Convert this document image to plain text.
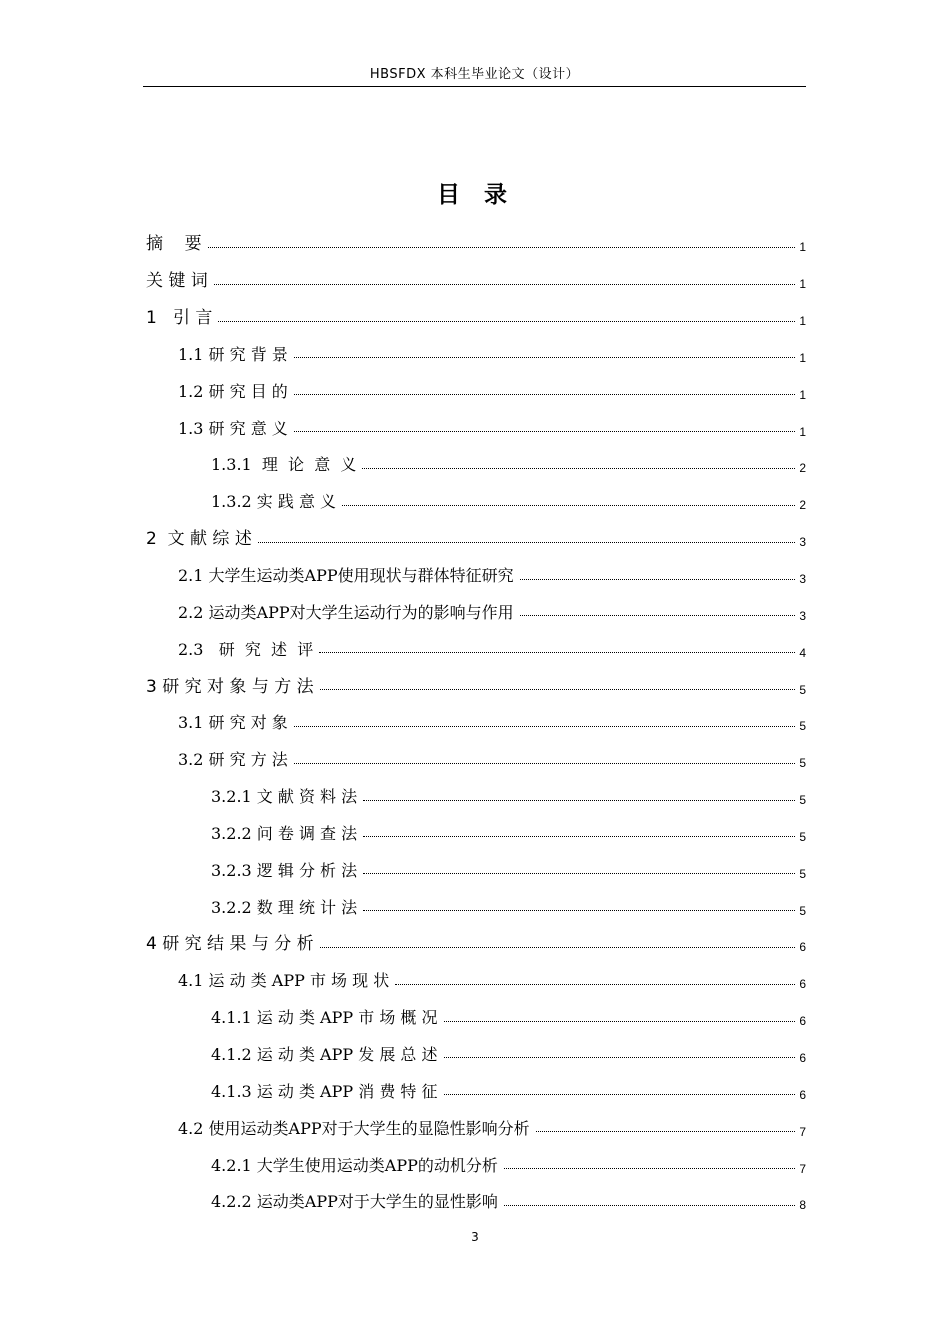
HBSFDX 本科生毕业论文（设计）
目 录
摘    要	1
关 键 词	1
1   引 言	1
1.1 研 究 背 景	1
1.2 研 究 目 的	1
1.3 研 究 意 义	1
1.3.1  理  论  意  义	2
1.3.2 实 践 意 义	2
2  文 献 综 述	3
2.1 大学生运动类APP使用现状与群体特征研究	3
2.2 运动类APP对大学生运动行为的影响与作用	3
2.3   研  究  述  评	4
3 研 究 对 象 与 方 法	5
3.1 研 究 对 象	5
3.2 研 究 方 法	5
3.2.1 文 献 资 料 法	5
3.2.2 问 卷 调 查 法	5
3.2.3 逻 辑 分 析 法	5
3.2.2 数 理 统 计 法	5
4 研 究 结 果 与 分 析	6
4.1 运 动 类 APP 市 场 现 状	6
4.1.1 运 动 类 APP 市 场 概 况	6
4.1.2 运 动 类 APP 发 展 总 述	6
4.1.3 运 动 类 APP 消 费 特 征	6
4.2 使用运动类APP对于大学生的显隐性影响分析	7
4.2.1 大学生使用运动类APP的动机分析	7
4.2.2 运动类APP对于大学生的显性影响	8
3
